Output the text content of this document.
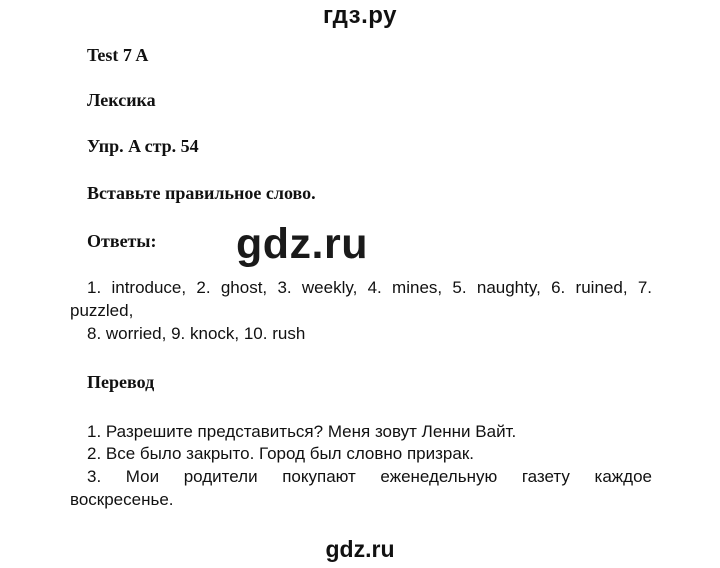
гдз.ру
Test 7 A
Лексика
Упр. A стр. 54
Вставьте правильное слово.
Ответы: gdz.ru
1. introduce, 2. ghost, 3. weekly, 4. mines, 5. naughty, 6. ruined, 7.
puzzled,
8. worried, 9. knock, 10. rush
Перевод
1. Разрешите представиться? Меня зовут Ленни Вайт.
2. Все было закрыто. Город был словно призрак.
3. Мои родители покупают еженедельную газету каждое
воскресенье.
gdz.ru
